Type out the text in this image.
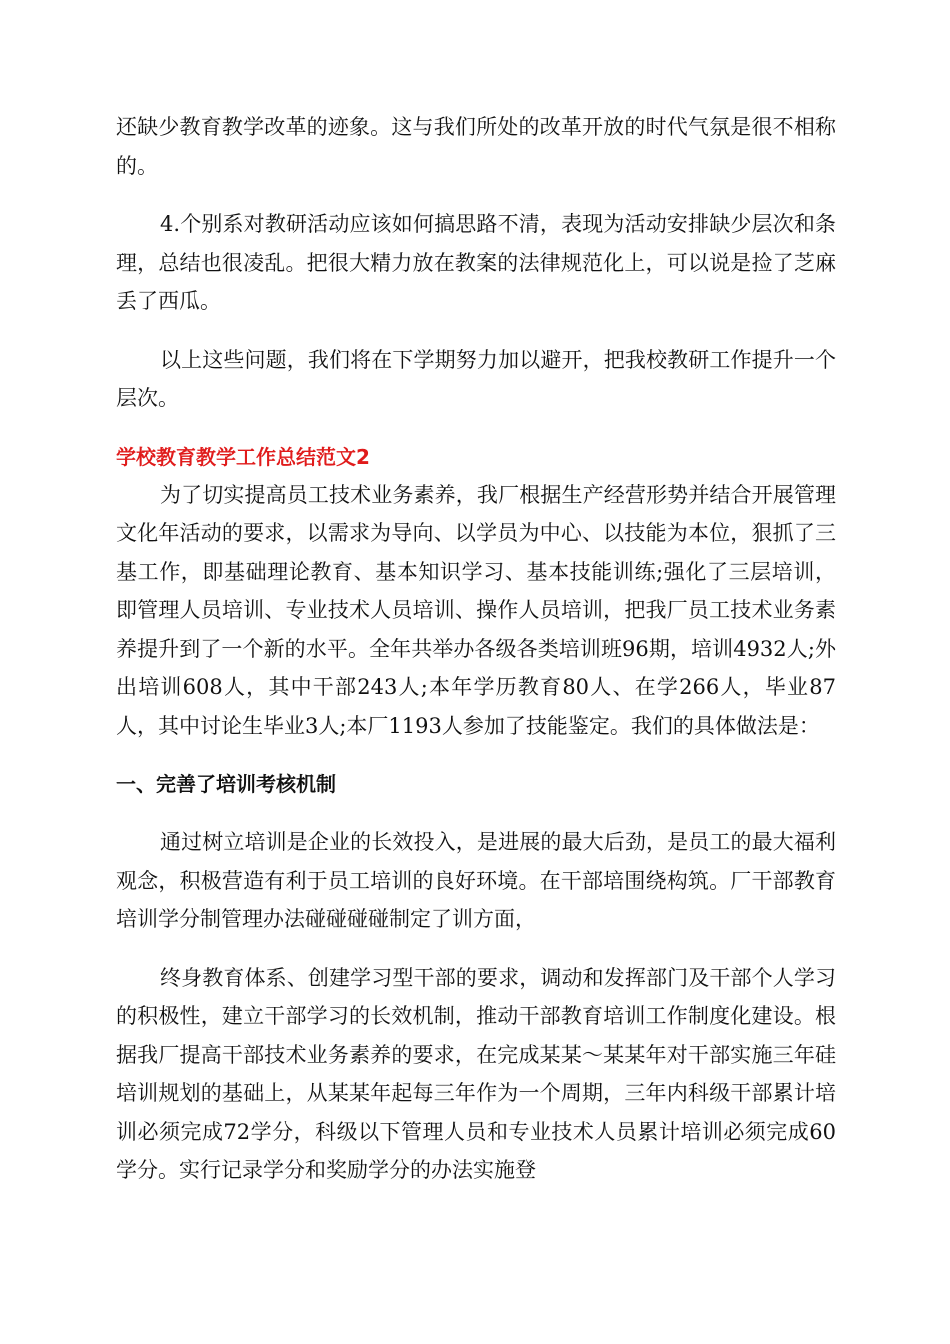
还缺少教育教学改革的迹象。这与我们所处的改革开放的时代气氛是很不相称的。

4.个别系对教研活动应该如何搞思路不清，表现为活动安排缺少层次和条理，总结也很凌乱。把很大精力放在教案的法律规范化上，可以说是捡了芝麻丢了西瓜。

以上这些问题，我们将在下学期努力加以避开，把我校教研工作提升一个层次。

学校教育教学工作总结范文2

为了切实提高员工技术业务素养，我厂根据生产经营形势并结合开展管理文化年活动的要求，以需求为导向、以学员为中心、以技能为本位，狠抓了三基工作，即基础理论教育、基本知识学习、基本技能训练;强化了三层培训，即管理人员培训、专业技术人员培训、操作人员培训，把我厂员工技术业务素养提升到了一个新的水平。全年共举办各级各类培训班96期，培训4932人;外出培训608人，其中干部243人;本年学历教育80人、在学266人，毕业87人，其中讨论生毕业3人;本厂1193人参加了技能鉴定。我们的具体做法是：

一、完善了培训考核机制

通过树立培训是企业的长效投入，是进展的最大后劲，是员工的最大福利观念，积极营造有利于员工培训的良好环境。在干部培围绕构筑。厂干部教育培训学分制管理办法碰碰碰碰制定了训方面，

终身教育体系、创建学习型干部的要求，调动和发挥部门及干部个人学习的积极性，建立干部学习的长效机制，推动干部教育培训工作制度化建设。根据我厂提高干部技术业务素养的要求，在完成某某～某某年对干部实施三年硅培训规划的基础上，从某某年起每三年作为一个周期，三年内科级干部累计培训必须完成72学分，科级以下管理人员和专业技术人员累计培训必须完成60学分。实行记录学分和奖励学分的办法实施登
